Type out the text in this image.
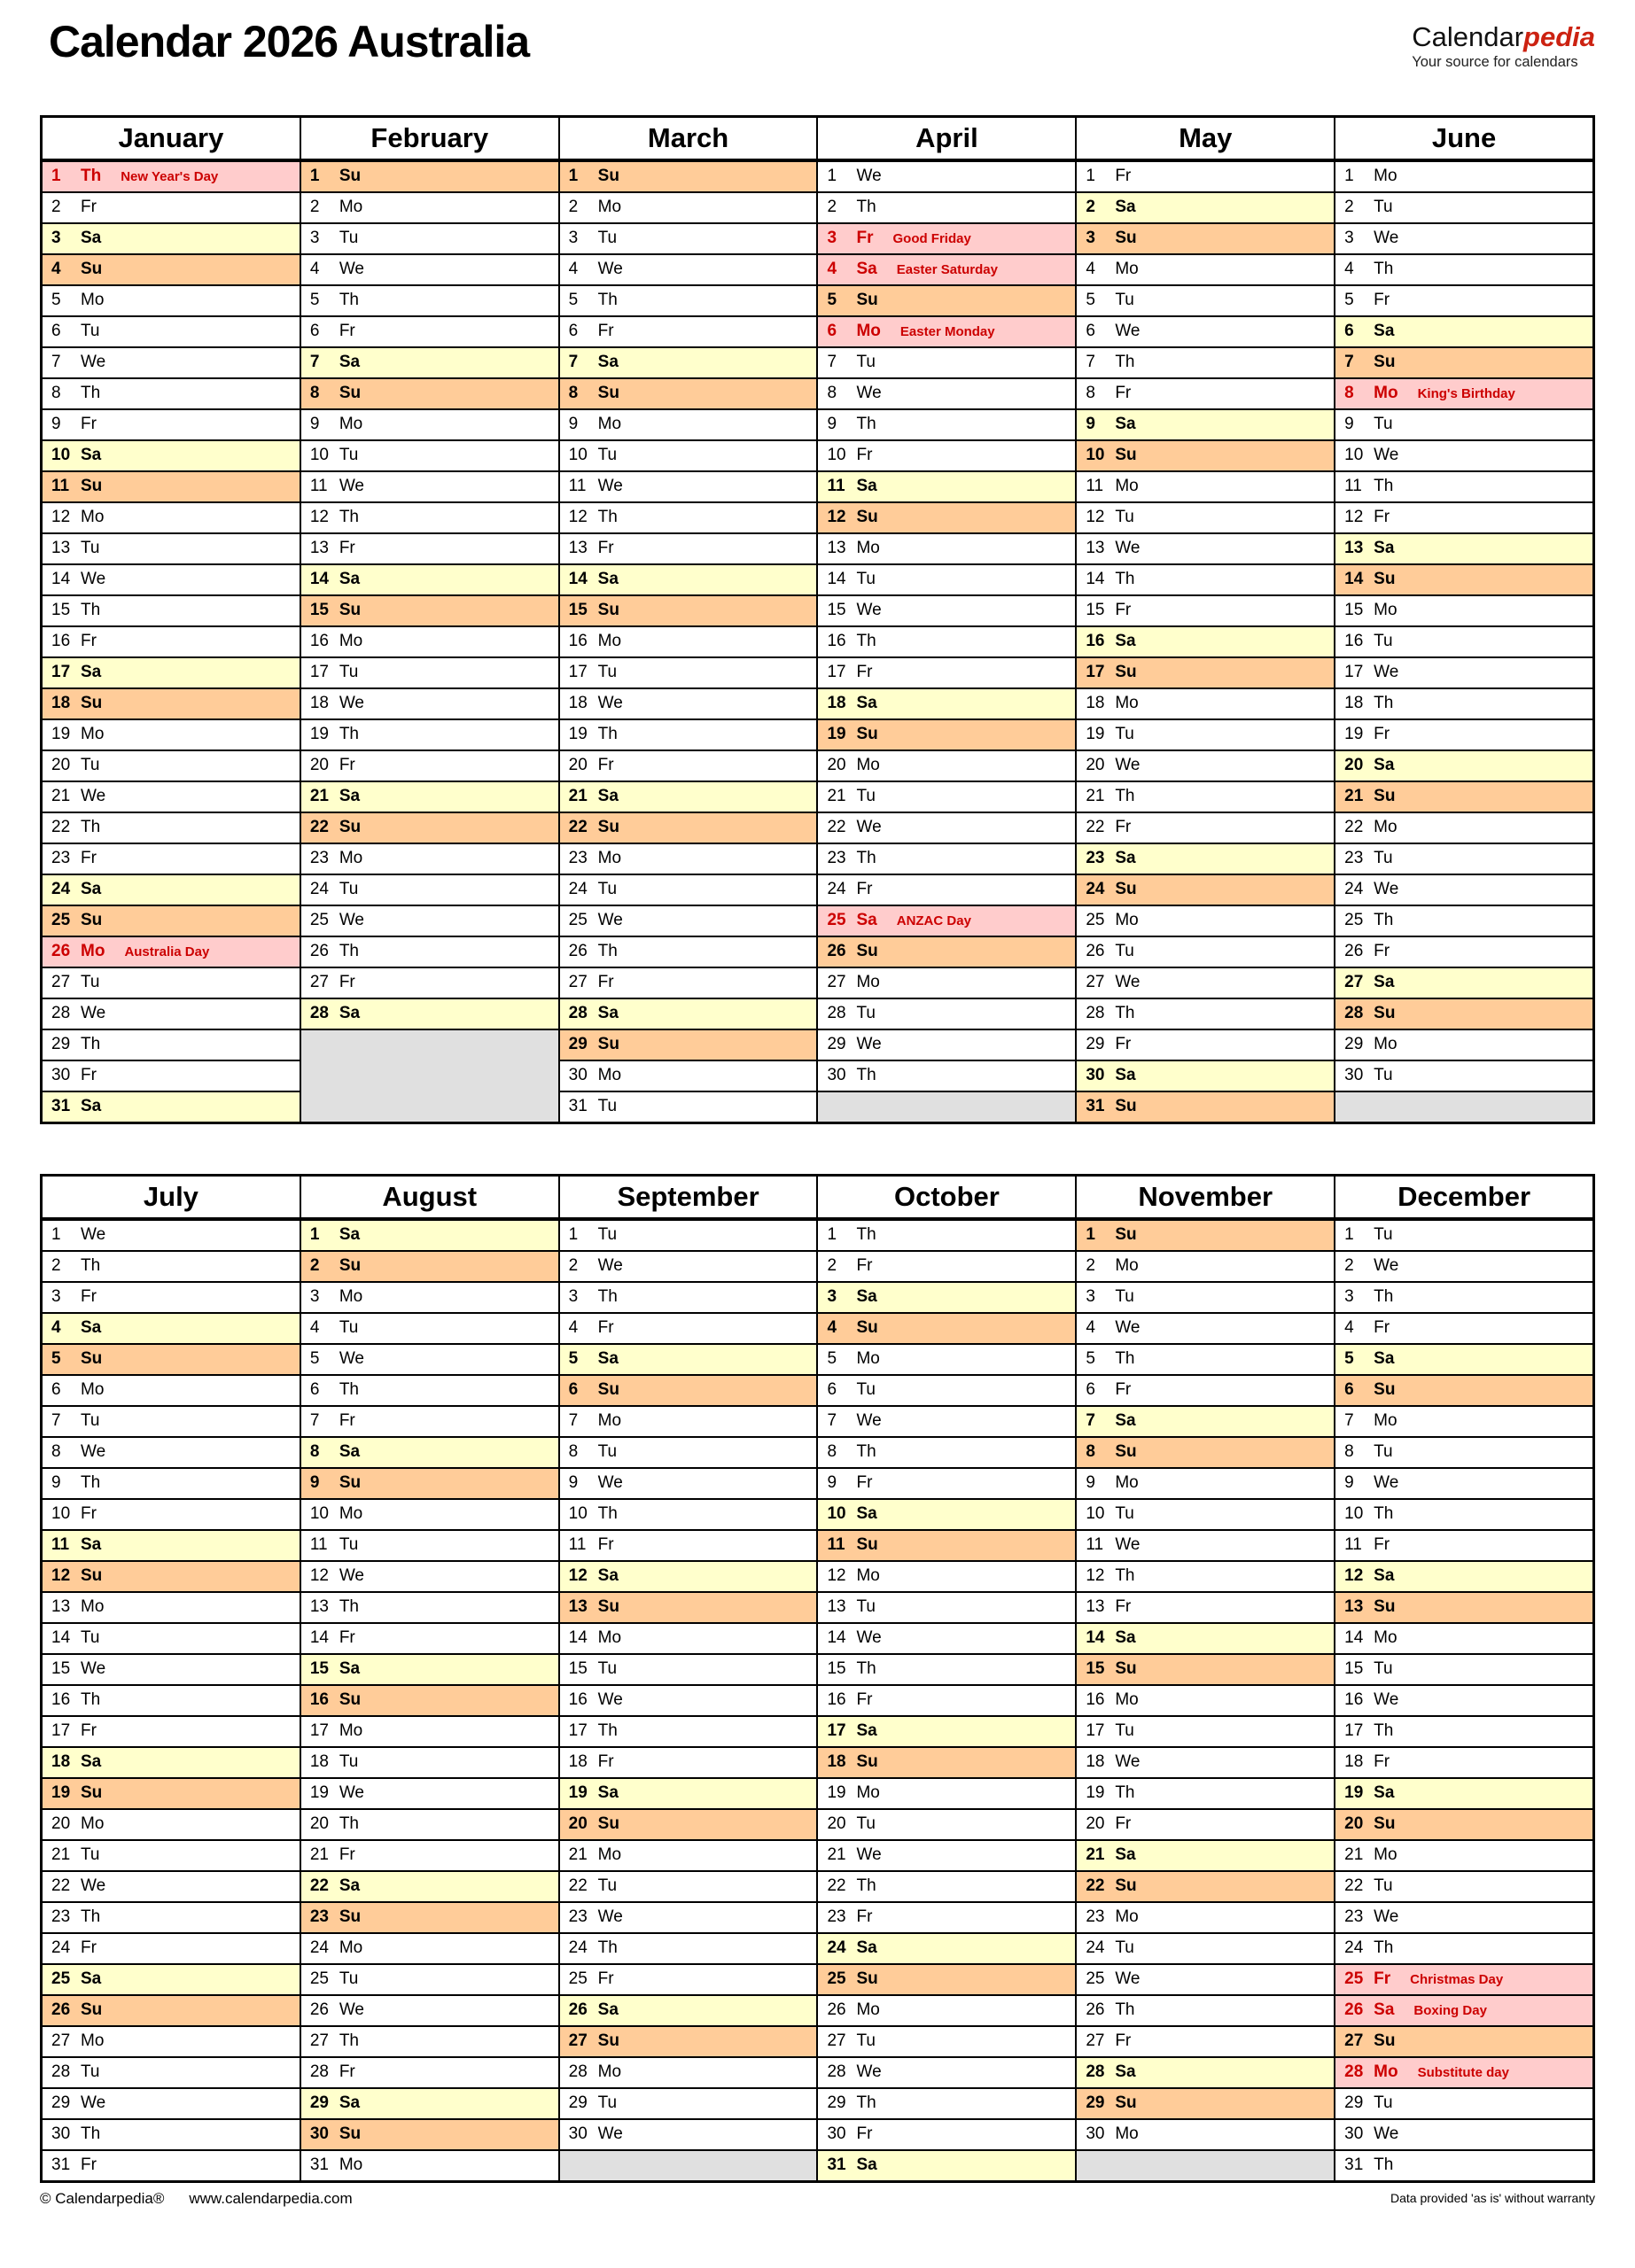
Calendar 2026 Australia	Calendarpedia
Your source for calendars
January
1 Th New Year's Day
2 Fr
3 Sa
4 Su
5 Mo
6 Tu
7 We
8 Th
9 Fr
10 Sa
11 Su
12 Mo
13 Tu
14 We
15 Th
16 Fr
17 Sa
18 Su
19 Mo
20 Tu
21 We
22 Th
23 Fr
24 Sa
25 Su
26 Mo Australia Day
27 Tu
28 We
29 Th
30 Fr
31 Sa
February
1 Su
2 Mo
3 Tu
4 We
5 Th
6 Fr
7 Sa
8 Su
9 Mo
10 Tu
11 We
12 Th
13 Fr
14 Sa
15 Su
16 Mo
17 Tu
18 We
19 Th
20 Fr
21 Sa
22 Su
23 Mo
24 Tu
25 We
26 Th
27 Fr
28 Sa
March
1 Su
2 Mo
3 Tu
4 We
5 Th
6 Fr
7 Sa
8 Su
9 Mo
10 Tu
11 We
12 Th
13 Fr
14 Sa
15 Su
16 Mo
17 Tu
18 We
19 Th
20 Fr
21 Sa
22 Su
23 Mo
24 Tu
25 We
26 Th
27 Fr
28 Sa
29 Su
30 Mo
31 Tu
April
1 We
2 Th
3 Fr Good Friday
4 Sa Easter Saturday
5 Su
6 Mo Easter Monday
7 Tu
8 We
9 Th
10 Fr
11 Sa
12 Su
13 Mo
14 Tu
15 We
16 Th
17 Fr
18 Sa
19 Su
20 Mo
21 Tu
22 We
23 Th
24 Fr
25 Sa ANZAC Day
26 Su
27 Mo
28 Tu
29 We
30 Th
May
1 Fr
2 Sa
3 Su
4 Mo
5 Tu
6 We
7 Th
8 Fr
9 Sa
10 Su
11 Mo
12 Tu
13 We
14 Th
15 Fr
16 Sa
17 Su
18 Mo
19 Tu
20 We
21 Th
22 Fr
23 Sa
24 Su
25 Mo
26 Tu
27 We
28 Th
29 Fr
30 Sa
31 Su
June
1 Mo
2 Tu
3 We
4 Th
5 Fr
6 Sa
7 Su
8 Mo King's Birthday
9 Tu
10 We
11 Th
12 Fr
13 Sa
14 Su
15 Mo
16 Tu
17 We
18 Th
19 Fr
20 Sa
21 Su
22 Mo
23 Tu
24 We
25 Th
26 Fr
27 Sa
28 Su
29 Mo
30 Tu
July
1 We
2 Th
3 Fr
4 Sa
5 Su
6 Mo
7 Tu
8 We
9 Th
10 Fr
11 Sa
12 Su
13 Mo
14 Tu
15 We
16 Th
17 Fr
18 Sa
19 Su
20 Mo
21 Tu
22 We
23 Th
24 Fr
25 Sa
26 Su
27 Mo
28 Tu
29 We
30 Th
31 Fr
August
1 Sa
2 Su
3 Mo
4 Tu
5 We
6 Th
7 Fr
8 Sa
9 Su
10 Mo
11 Tu
12 We
13 Th
14 Fr
15 Sa
16 Su
17 Mo
18 Tu
19 We
20 Th
21 Fr
22 Sa
23 Su
24 Mo
25 Tu
26 We
27 Th
28 Fr
29 Sa
30 Su
31 Mo
September
1 Tu
2 We
3 Th
4 Fr
5 Sa
6 Su
7 Mo
8 Tu
9 We
10 Th
11 Fr
12 Sa
13 Su
14 Mo
15 Tu
16 We
17 Th
18 Fr
19 Sa
20 Su
21 Mo
22 Tu
23 We
24 Th
25 Fr
26 Sa
27 Su
28 Mo
29 Tu
30 We
October
1 Th
2 Fr
3 Sa
4 Su
5 Mo
6 Tu
7 We
8 Th
9 Fr
10 Sa
11 Su
12 Mo
13 Tu
14 We
15 Th
16 Fr
17 Sa
18 Su
19 Mo
20 Tu
21 We
22 Th
23 Fr
24 Sa
25 Su
26 Mo
27 Tu
28 We
29 Th
30 Fr
31 Sa
November
1 Su
2 Mo
3 Tu
4 We
5 Th
6 Fr
7 Sa
8 Su
9 Mo
10 Tu
11 We
12 Th
13 Fr
14 Sa
15 Su
16 Mo
17 Tu
18 We
19 Th
20 Fr
21 Sa
22 Su
23 Mo
24 Tu
25 We
26 Th
27 Fr
28 Sa
29 Su
30 Mo
December
1 Tu
2 We
3 Th
4 Fr
5 Sa
6 Su
7 Mo
8 Tu
9 We
10 Th
11 Fr
12 Sa
13 Su
14 Mo
15 Tu
16 We
17 Th
18 Fr
19 Sa
20 Su
21 Mo
22 Tu
23 We
24 Th
25 Fr Christmas Day
26 Sa Boxing Day
27 Su
28 Mo Substitute day
29 Tu
30 We
31 Th
© Calendarpedia® www.calendarpedia.com	Data provided 'as is' without warranty
